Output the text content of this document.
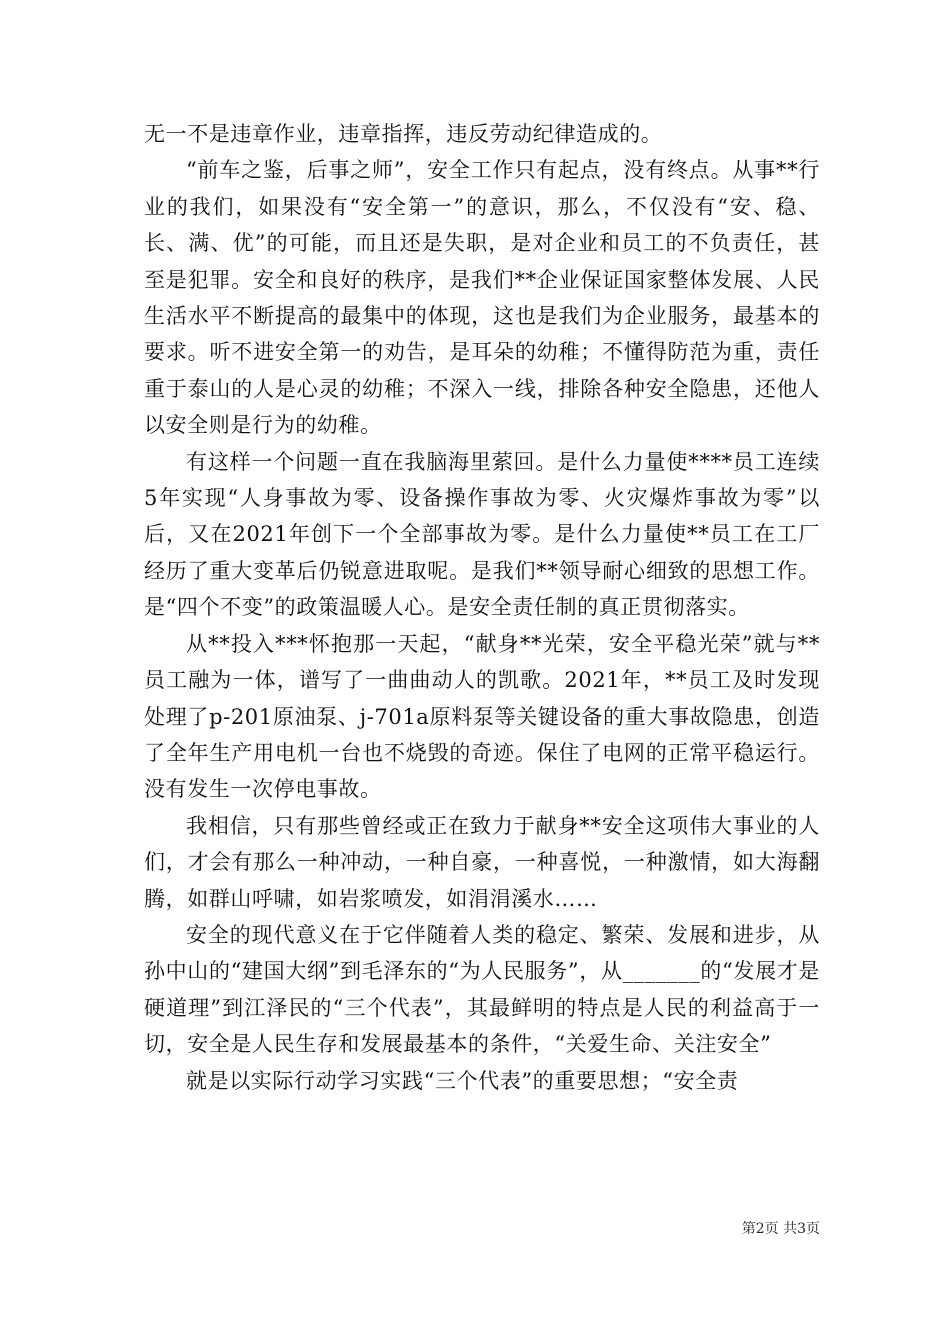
无一不是违章作业，违章指挥，违反劳动纪律造成的。

“前车之鉴，后事之师”，安全工作只有起点，没有终点。从事**行业的我们，如果没有“安全第一”的意识，那么，不仅没有“安、稳、长、满、优”的可能，而且还是失职，是对企业和员工的不负责任，甚至是犯罪。安全和良好的秩序，是我们**企业保证国家整体发展、人民生活水平不断提高的最集中的体现，这也是我们为企业服务，最基本的要求。听不进安全第一的劝告，是耳朵的幼稚；不懂得防范为重，责任重于泰山的人是心灵的幼稚；不深入一线，排除各种安全隐患，还他人以安全则是行为的幼稚。

有这样一个问题一直在我脑海里萦回。是什么力量使****员工连续5年实现“人身事故为零、设备操作事故为零、火灾爆炸事故为零”以后，又在2021年创下一个全部事故为零。是什么力量使**员工在工厂经历了重大变革后仍锐意进取呢。是我们**领导耐心细致的思想工作。是“四个不变”的政策温暖人心。是安全责任制的真正贯彻落实。

从**投入***怀抱那一天起，“献身**光荣，安全平稳光荣”就与**员工融为一体，谱写了一曲曲动人的凯歌。2021年，**员工及时发现处理了p-201原油泵、j-701a原料泵等关键设备的重大事故隐患，创造了全年生产用电机一台也不烧毁的奇迹。保住了电网的正常平稳运行。没有发生一次停电事故。

我相信，只有那些曾经或正在致力于献身**安全这项伟大事业的人们，才会有那么一种冲动，一种自豪，一种喜悦，一种激情，如大海翻腾，如群山呼啸，如岩浆喷发，如涓涓溪水……

安全的现代意义在于它伴随着人类的稳定、繁荣、发展和进步，从孙中山的“建国大纲”到毛泽东的“为人民服务”，从_______的“发展才是硬道理”到江泽民的“三个代表”，其最鲜明的特点是人民的利益高于一切，安全是人民生存和发展最基本的条件，“关爱生命、关注安全”

就是以实际行动学习实践“三个代表”的重要思想；“安全责

第2页 共3页
